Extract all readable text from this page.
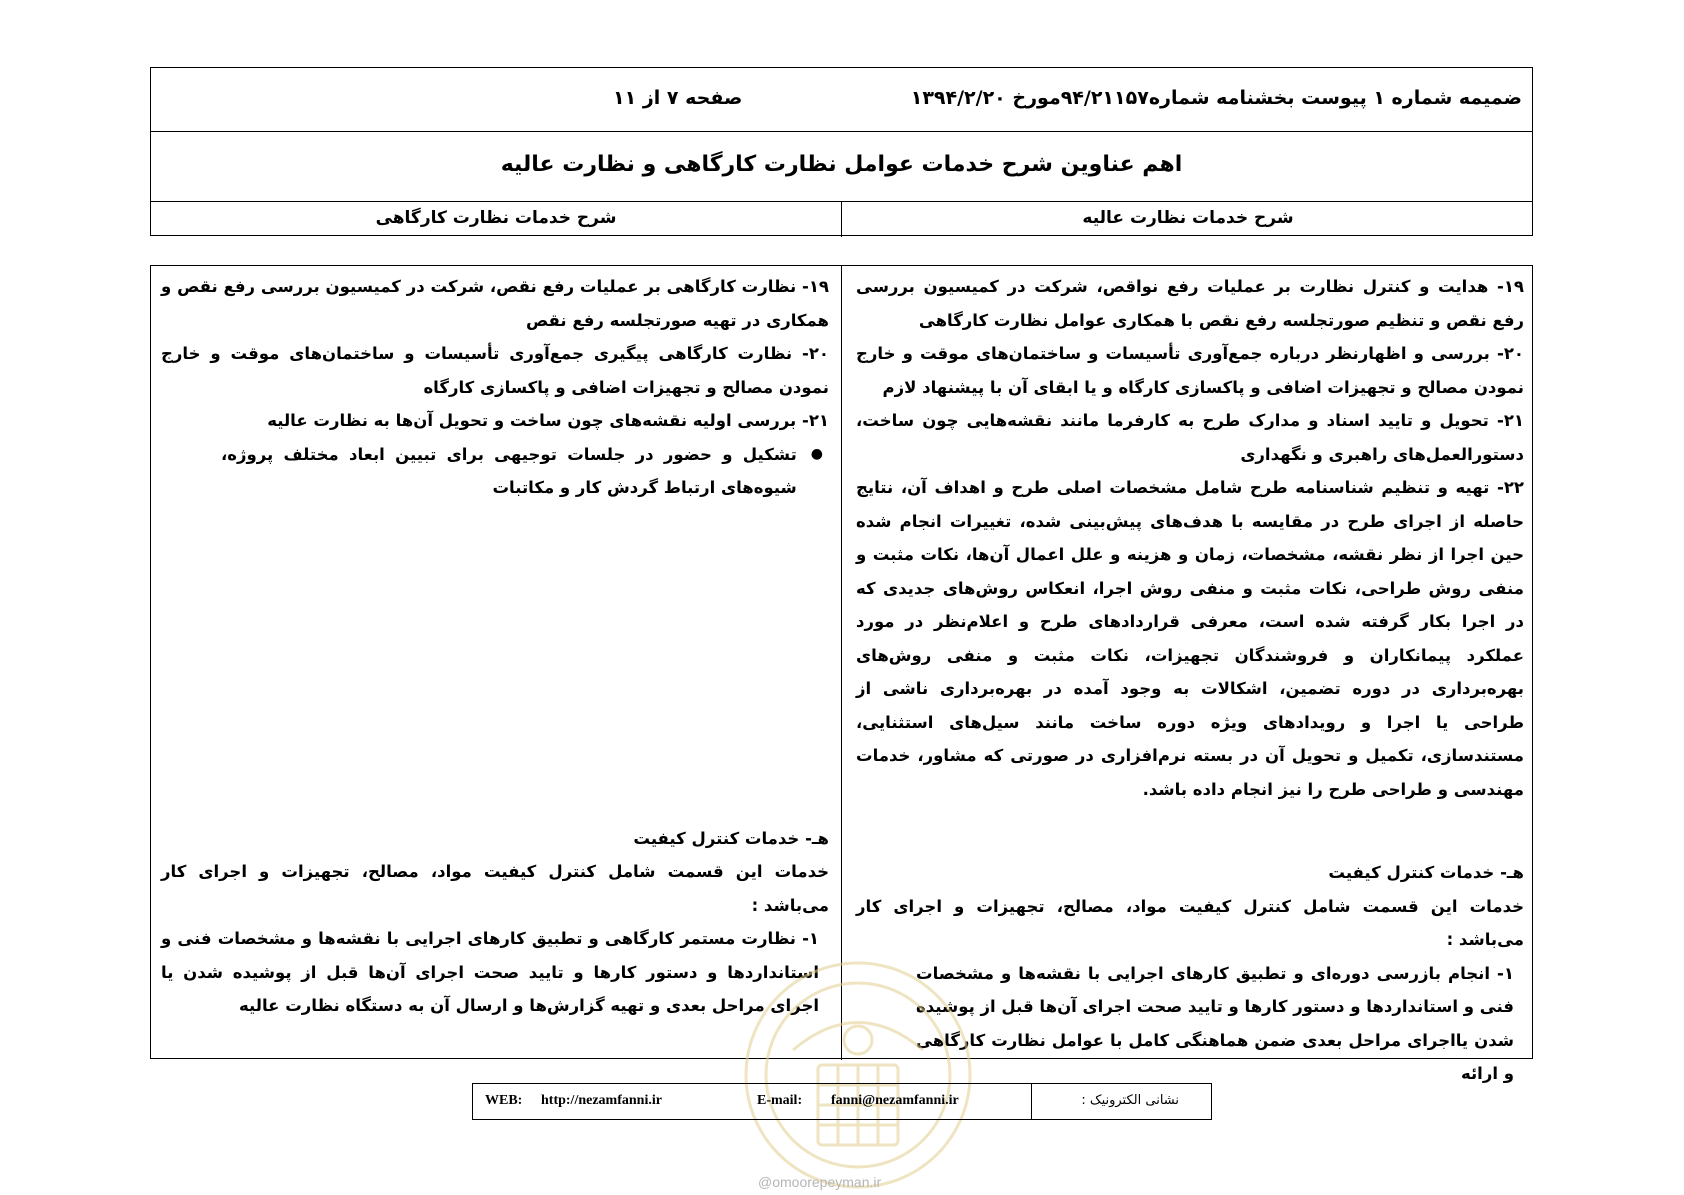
ضمیمه شماره ۱ پیوست بخشنامه شماره۹۴/۲۱۱۵۷مورخ ۱۳۹۴/۲/۲۰
صفحه ۷ از ۱۱
اهم عناوین شرح خدمات عوامل نظارت کارگاهی و نظارت عالیه
شرح خدمات نظارت عالیه
شرح خدمات نظارت کارگاهی

۱۹- هدایت و کنترل نظارت بر عملیات رفع نواقص، شرکت در کمیسیون بررسی رفع نقص و تنظیم صورتجلسه رفع نقص با همکاری عوامل نظارت کارگاهی

۲۰- بررسی و اظهارنظر درباره جمع‌آوری تأسیسات و ساختمان‌های موقت و خارج نمودن مصالح و تجهیزات اضافی و پاکسازی کارگاه و یا ابقای آن با پیشنهاد لازم

۲۱- تحویل و تایید اسناد و مدارک طرح به کارفرما مانند نقشه‌هایی چون ساخت، دستورالعمل‌های راهبری و نگهداری

۲۲- تهیه و تنظیم شناسنامه طرح شامل مشخصات اصلی طرح و اهداف آن، نتایج حاصله از اجرای طرح در مقایسه با هدف‌های پیش‌بینی شده، تغییرات انجام شده حین اجرا از نظر نقشه، مشخصات، زمان و هزینه و علل اعمال آن‌ها، نکات مثبت و منفی روش طراحی، نکات مثبت و منفی روش اجرا، انعکاس روش‌های جدیدی که در اجرا بکار گرفته شده است، معرفی قراردادهای طرح و اعلام‌نظر در مورد عملکرد پیمانکاران و فروشندگان تجهیزات، نکات مثبت و منفی روش‌های بهره‌برداری در دوره تضمین، اشکالات به وجود آمده در بهره‌برداری ناشی از طراحی یا اجرا و رویدادهای ویژه دوره ساخت مانند سیل‌های استثنایی، مستندسازی، تکمیل و تحویل آن در بسته نرم‌افزاری در صورتی که مشاور، خدمات مهندسی و طراحی طرح را نیز انجام داده باشد.

هـ- خدمات کنترل کیفیت

خدمات این قسمت شامل کنترل کیفیت مواد، مصالح، تجهیزات و اجرای کار می‌باشد :

۱- انجام بازرسی دوره‌ای و تطبیق کارهای اجرایی با نقشه‌ها و مشخصات فنی و استانداردها و دستور کارها و تایید صحت اجرای آن‌ها قبل از پوشیده شدن یااجرای مراحل بعدی ضمن هماهنگی کامل با عوامل نظارت کارگاهی و ارائه

۱۹- نظارت کارگاهی بر عملیات رفع نقص، شرکت در کمیسیون بررسی رفع نقص و همکاری در تهیه صورتجلسه رفع نقص

۲۰- نظارت کارگاهی پیگیری جمع‌آوری تأسیسات و ساختمان‌های موقت و خارج نمودن مصالح و تجهیزات اضافی و پاکسازی کارگاه

۲۱- بررسی اولیه نقشه‌های چون ساخت و تحویل آن‌ها به نظارت عالیه

●
تشکیل و حضور در جلسات توجیهی برای تبیین ابعاد مختلف پروژه، شیوه‌های ارتباط گردش کار و مکاتبات

هـ- خدمات کنترل کیفیت

خدمات این قسمت شامل کنترل کیفیت مواد، مصالح، تجهیزات و اجرای کار می‌باشد :

۱- نظارت مستمر کارگاهی و تطبیق کارهای اجرایی با نقشه‌ها و مشخصات فنی و استانداردها و دستور کارها و تایید صحت اجرای آن‌ها قبل از پوشیده شدن یا اجرای مراحل بعدی و تهیه گزارش‌ها و ارسال آن به دستگاه نظارت عالیه

@omoorepeyman.ir
نشانی الکترونیک :
E-mail: fanni@nezamfanni.ir
WEB: http://nezamfanni.ir
